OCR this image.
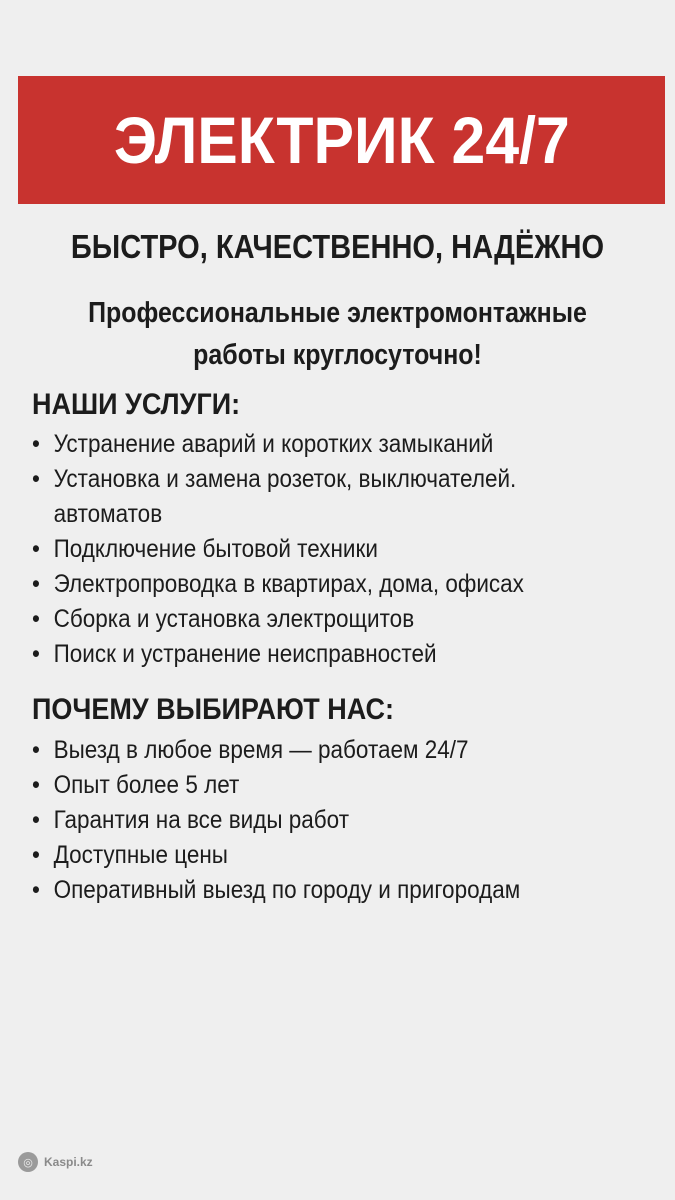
ЭЛЕКТРИК 24/7
БЫСТРО, КАЧЕСТВЕННО, НАДЁЖНО
Профессиональные электромонтажные
работы круглосуточно!
НАШИ УСЛУГИ:
• Устранение аварий и коротких замыканий
• Установка и замена розеток, выключателей.
автоматов
• Подключение бытовой техники
• Электропроводка в квартирах, дома, офисах
• Сборка и установка электрощитов
• Поиск и устранение неисправностей
ПОЧЕМУ ВЫБИРАЮТ НАС:
• Выезд в любое время — работаем 24/7
• Опыт более 5 лет
• Гарантия на все виды работ
• Доступные цены
• Оперативный выезд по городу и пригородам
◎ Kaspi.kz
